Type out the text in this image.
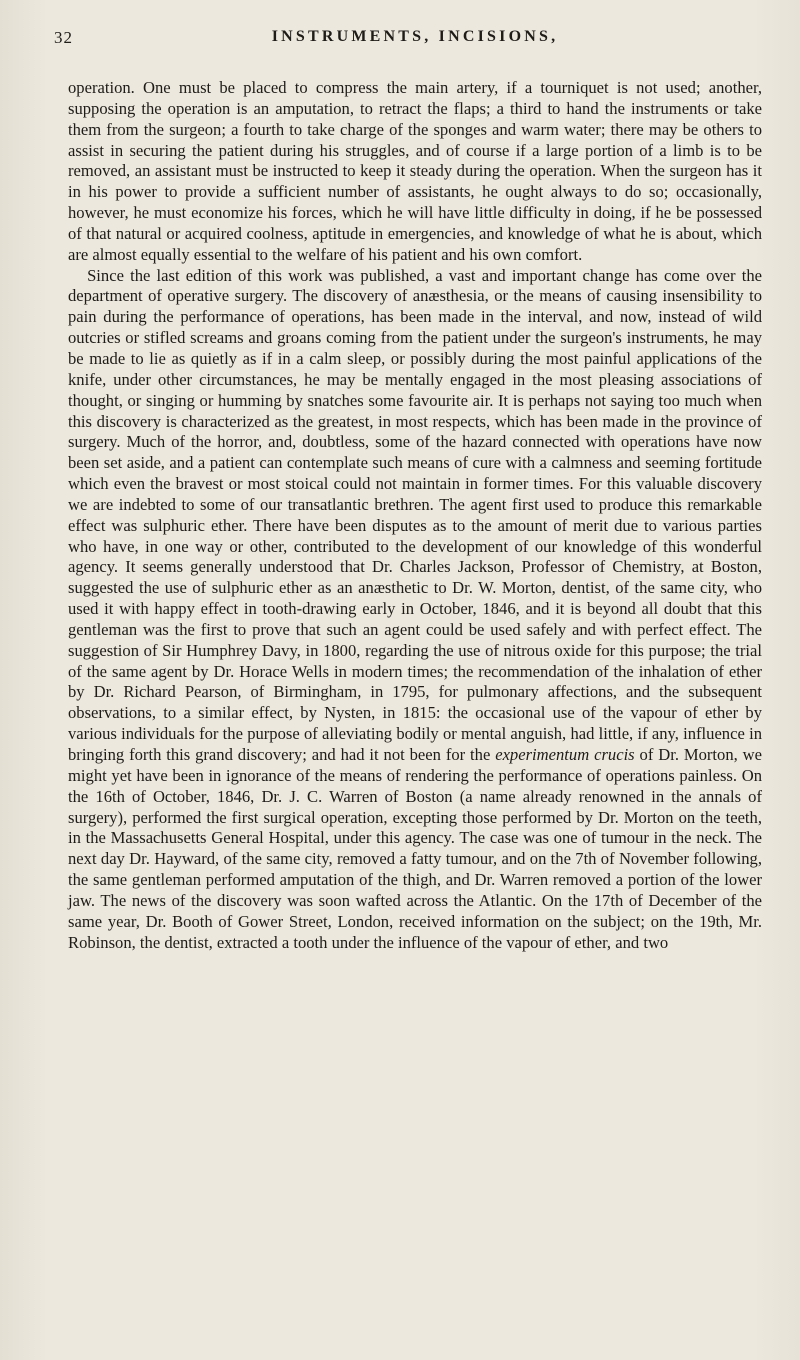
32	INSTRUMENTS, INCISIONS,

operation. One must be placed to compress the main artery, if a tourniquet is not used; another, supposing the operation is an amputation, to retract the flaps; a third to hand the instruments or take them from the surgeon; a fourth to take charge of the sponges and warm water; there may be others to assist in securing the patient during his struggles, and of course if a large portion of a limb is to be removed, an assistant must be instructed to keep it steady during the operation. When the surgeon has it in his power to provide a sufficient number of assistants, he ought always to do so; occasionally, however, he must economize his forces, which he will have little difficulty in doing, if he be possessed of that natural or acquired coolness, aptitude in emergencies, and knowledge of what he is about, which are almost equally essential to the welfare of his patient and his own comfort.

Since the last edition of this work was published, a vast and important change has come over the department of operative surgery. The discovery of anæsthesia, or the means of causing insensibility to pain during the performance of operations, has been made in the interval, and now, instead of wild outcries or stifled screams and groans coming from the patient under the surgeon's instruments, he may be made to lie as quietly as if in a calm sleep, or possibly during the most painful applications of the knife, under other circumstances, he may be mentally engaged in the most pleasing associations of thought, or singing or humming by snatches some favourite air. It is perhaps not saying too much when this discovery is characterized as the greatest, in most respects, which has been made in the province of surgery. Much of the horror, and, doubtless, some of the hazard connected with operations have now been set aside, and a patient can contemplate such means of cure with a calmness and seeming fortitude which even the bravest or most stoical could not maintain in former times. For this valuable discovery we are indebted to some of our transatlantic brethren. The agent first used to produce this remarkable effect was sulphuric ether. There have been disputes as to the amount of merit due to various parties who have, in one way or other, contributed to the development of our knowledge of this wonderful agency. It seems generally understood that Dr. Charles Jackson, Professor of Chemistry, at Boston, suggested the use of sulphuric ether as an anæsthetic to Dr. W. Morton, dentist, of the same city, who used it with happy effect in tooth-drawing early in October, 1846, and it is beyond all doubt that this gentleman was the first to prove that such an agent could be used safely and with perfect effect. The suggestion of Sir Humphrey Davy, in 1800, regarding the use of nitrous oxide for this purpose; the trial of the same agent by Dr. Horace Wells in modern times; the recommendation of the inhalation of ether by Dr. Richard Pearson, of Birmingham, in 1795, for pulmonary affections, and the subsequent observations, to a similar effect, by Nysten, in 1815: the occasional use of the vapour of ether by various individuals for the purpose of alleviating bodily or mental anguish, had little, if any, influence in bringing forth this grand discovery; and had it not been for the experimentum crucis of Dr. Morton, we might yet have been in ignorance of the means of rendering the performance of operations painless. On the 16th of October, 1846, Dr. J. C. Warren of Boston (a name already renowned in the annals of surgery), performed the first surgical operation, excepting those performed by Dr. Morton on the teeth, in the Massachusetts General Hospital, under this agency. The case was one of tumour in the neck. The next day Dr. Hayward, of the same city, removed a fatty tumour, and on the 7th of November following, the same gentleman performed amputation of the thigh, and Dr. Warren removed a portion of the lower jaw. The news of the discovery was soon wafted across the Atlantic. On the 17th of December of the same year, Dr. Booth of Gower Street, London, received information on the subject; on the 19th, Mr. Robinson, the dentist, extracted a tooth under the influence of the vapour of ether, and two
